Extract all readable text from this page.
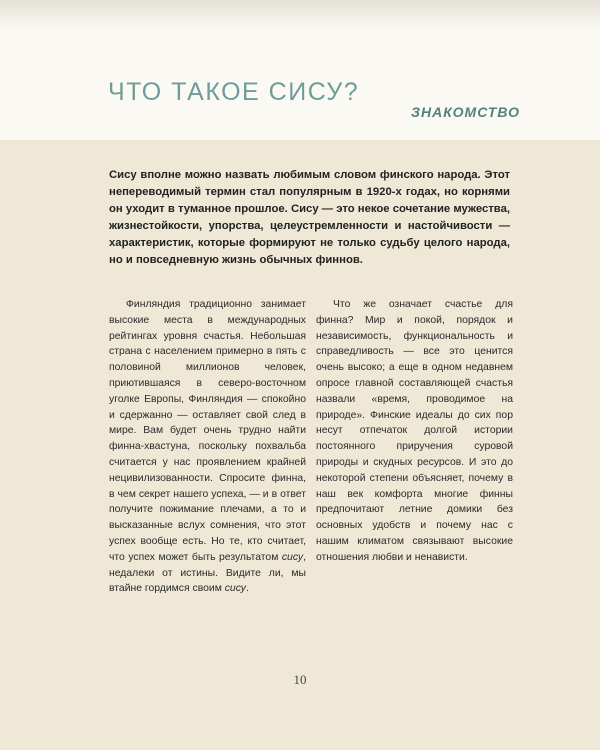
ЧТО ТАКОЕ СИСУ?
ЗНАКОМСТВО
Сису вполне можно назвать любимым словом финского народа. Этот непереводимый термин стал популярным в 1920-х годах, но корнями он уходит в туманное прошлое. Сису — это некое сочетание мужества, жизнестойкости, упорства, целеустремленности и настойчивости — характеристик, которые формируют не только судьбу целого народа, но и повседневную жизнь обычных финнов.

Финляндия традиционно занимает высокие места в международных рейтингах уровня счастья. Небольшая страна с населением примерно в пять с половиной миллионов человек, приютившаяся в северо-восточном уголке Европы, Финляндия — спокойно и сдержанно — оставляет свой след в мире. Вам будет очень трудно найти финна-хвастуна, поскольку похвальба считается у нас проявлением крайней нецивилизованности. Спросите финна, в чем секрет нашего успеха, — и в ответ получите пожимание плечами, а то и высказанные вслух сомнения, что этот успех вообще есть. Но те, кто считает, что успех может быть результатом сису, недалеки от истины. Видите ли, мы втайне гордимся своим сису.

Что же означает счастье для финна? Мир и покой, порядок и независимость, функциональность и справедливость — все это ценится очень высоко; а еще в одном недавнем опросе главной составляющей счастья назвали «время, проводимое на природе». Финские идеалы до сих пор несут отпечаток долгой истории постоянного приручения суровой природы и скудных ресурсов. И это до некоторой степени объясняет, почему в наш век комфорта многие финны предпочитают летние домики без основных удобств и почему нас с нашим климатом связывают высокие отношения любви и ненависти.

10
